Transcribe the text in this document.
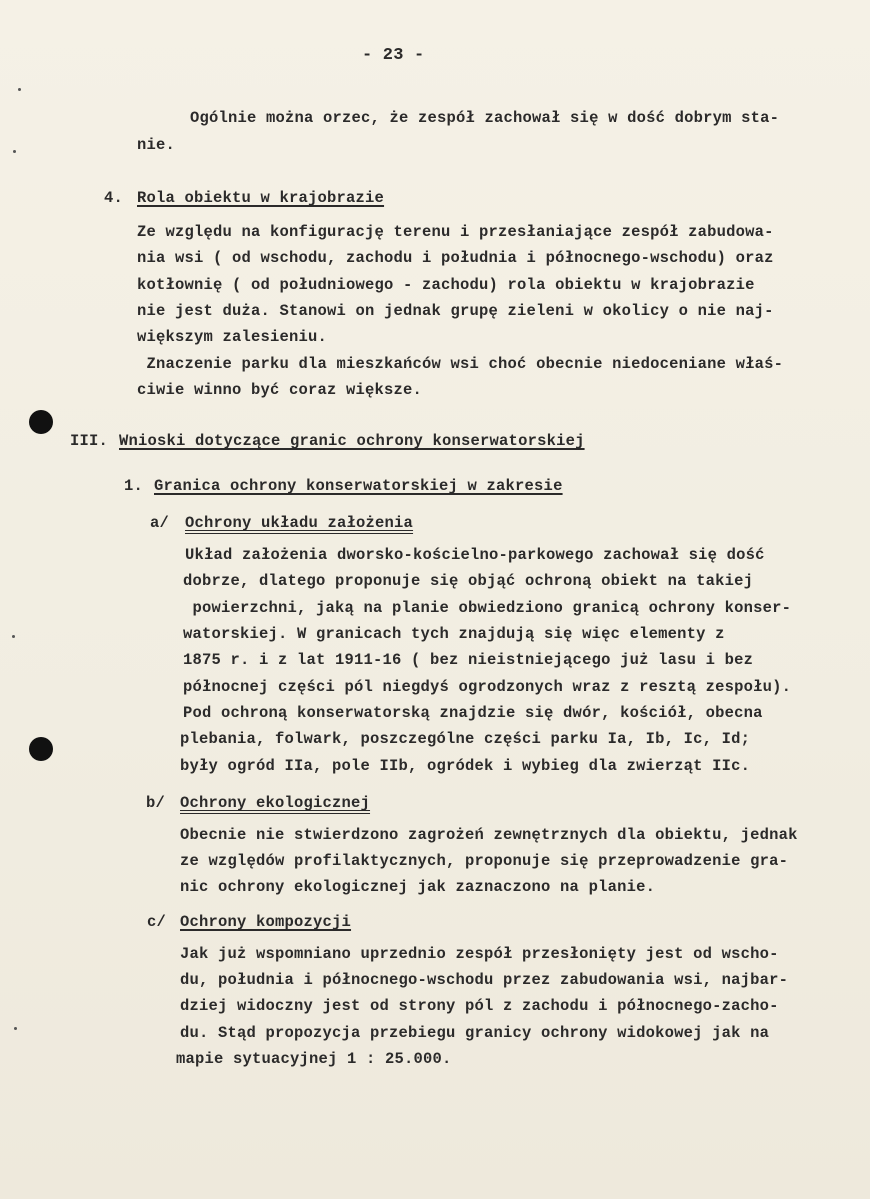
- 23 -
Ogólnie można orzec, że zespół zachował się w dość dobrym sta-
nie.
4. Rola obiektu w krajobrazie
Ze względu na konfigurację terenu i przesłaniające zespół zabudowa-
nia wsi ( od wschodu, zachodu i południa i północnego-wschodu) oraz
kotłownię ( od południowego - zachodu) rola obiektu w krajobrazie
nie jest duża. Stanowi on jednak grupę zieleni w okolicy o nie naj-
większym zalesieniu.
Znaczenie parku dla mieszkańców wsi choć obecnie niedoceniane właś-
ciwie winno być coraz większe.
III. Wnioski dotyczące granic ochrony konserwatorskiej
1. Granica ochrony konserwatorskiej w zakresie
a/ Ochrony układu założenia
Układ założenia dworsko-kościelno-parkowego zachował się dość
dobrze, dlatego proponuje się objąć ochroną obiekt na takiej
powierzchni, jaką na planie obwiedziono granicą ochrony konser-
watorskiej. W granicach tych znajdują się więc elementy z
1875 r. i z lat 1911-16 ( bez nieistniejącego już lasu i bez
północnej części pól niegdyś ogrodzonych wraz z resztą zespołu).
Pod ochroną konserwatorską znajdzie się dwór, kościół, obecna
plebania, folwark, poszczególne części parku Ia, Ib, Ic, Id;
były ogród IIa, pole IIb, ogródek i wybieg dla zwierząt IIc.
b/ Ochrony ekologicznej
Obecnie nie stwierdzono zagrożeń zewnętrznych dla obiektu, jednak
ze względów profilaktycznych, proponuje się przeprowadzenie gra-
nic ochrony ekologicznej jak zaznaczono na planie.
c/ Ochrony kompozycji
Jak już wspomniano uprzednio zespół przesłonięty jest od wscho-
du, południa i północnego-wschodu przez zabudowania wsi, najbar-
dziej widoczny jest od strony pól z zachodu i północnego-zacho-
du. Stąd propozycja przebiegu granicy ochrony widokowej jak na
mapie sytuacyjnej 1 : 25.000.
